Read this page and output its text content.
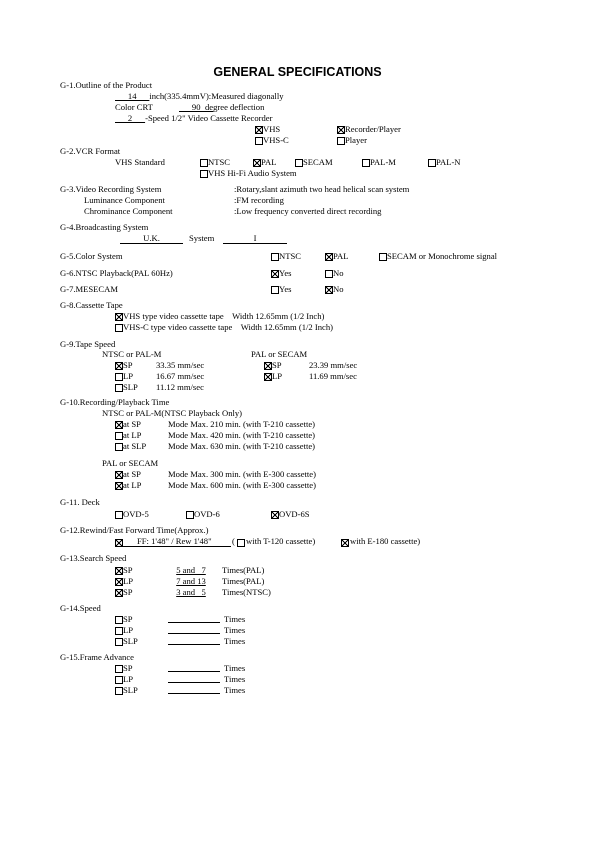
GENERAL SPECIFICATIONS
G-1.Outline of the Product
   14   inch(335.4mmV):Measured diagonally
Color CRT	   90   
degree deflection
   2   -Speed 1/2" Video Cassette Recorder
VHS	Recorder/Player
VHS-C	Player
G-2.VCR Format
VHS Standard	NTSC	PAL	SECAM	PAL-M	PAL-N
VHS Hi-Fi Audio System
G-3.Video Recording System	:Rotary,slant azimuth two head helical scan system
Luminance Component	:FM recording
Chrominance Component	:Low frequency converted direct recording
G-4.Broadcasting System
U.K.	System	I
G-5.Color System	NTSC	PAL	SECAM or Monochrome signal
G-6.NTSC Playback(PAL 60Hz)	Yes	No
G-7.MESECAM	Yes	No
G-8.Cassette Tape
VHS type video cassette tape    Width 12.65mm (1/2 Inch)
VHS-C type video cassette tape    Width 12.65mm (1/2 Inch)
G-9.Tape Speed
NTSC or PAL-M	PAL or SECAM
SP	33.35 mm/sec	SP	23.39 mm/sec
LP	16.67 mm/sec	LP	11.69 mm/sec
SLP 11.12 mm/sec
G-10.Recording/Playback Time
NTSC or PAL-M(NTSC Playback Only)
at SP	Mode Max. 210 min. (with T-210 cassette)
at LP	Mode Max. 420 min. (with T-210 cassette)
at SLP	Mode Max. 630 min. (with T-210 cassette)
PAL or SECAM
at SP	Mode Max. 300 min. (with E-300 cassette)
at LP	Mode Max. 600 min. (with E-300 cassette)
G-11. Deck
OVD-5	OVD-6	OVD-6S
G-12.Rewind/Fast Forward Time(Approx.)
FF: 1'48" / Rew 1'48" ( with T-120 cassette)	with E-180 cassette)
G-13.Search Speed
SP	5 and   7	Times(PAL)
LP	7 and 13	Times(PAL)
SP	3 and   5	Times(NTSC)
G-14.Speed
SP	Times
LP	Times
SLP	Times
G-15.Frame Advance
SP	Times
LP	Times
SLP	Times
